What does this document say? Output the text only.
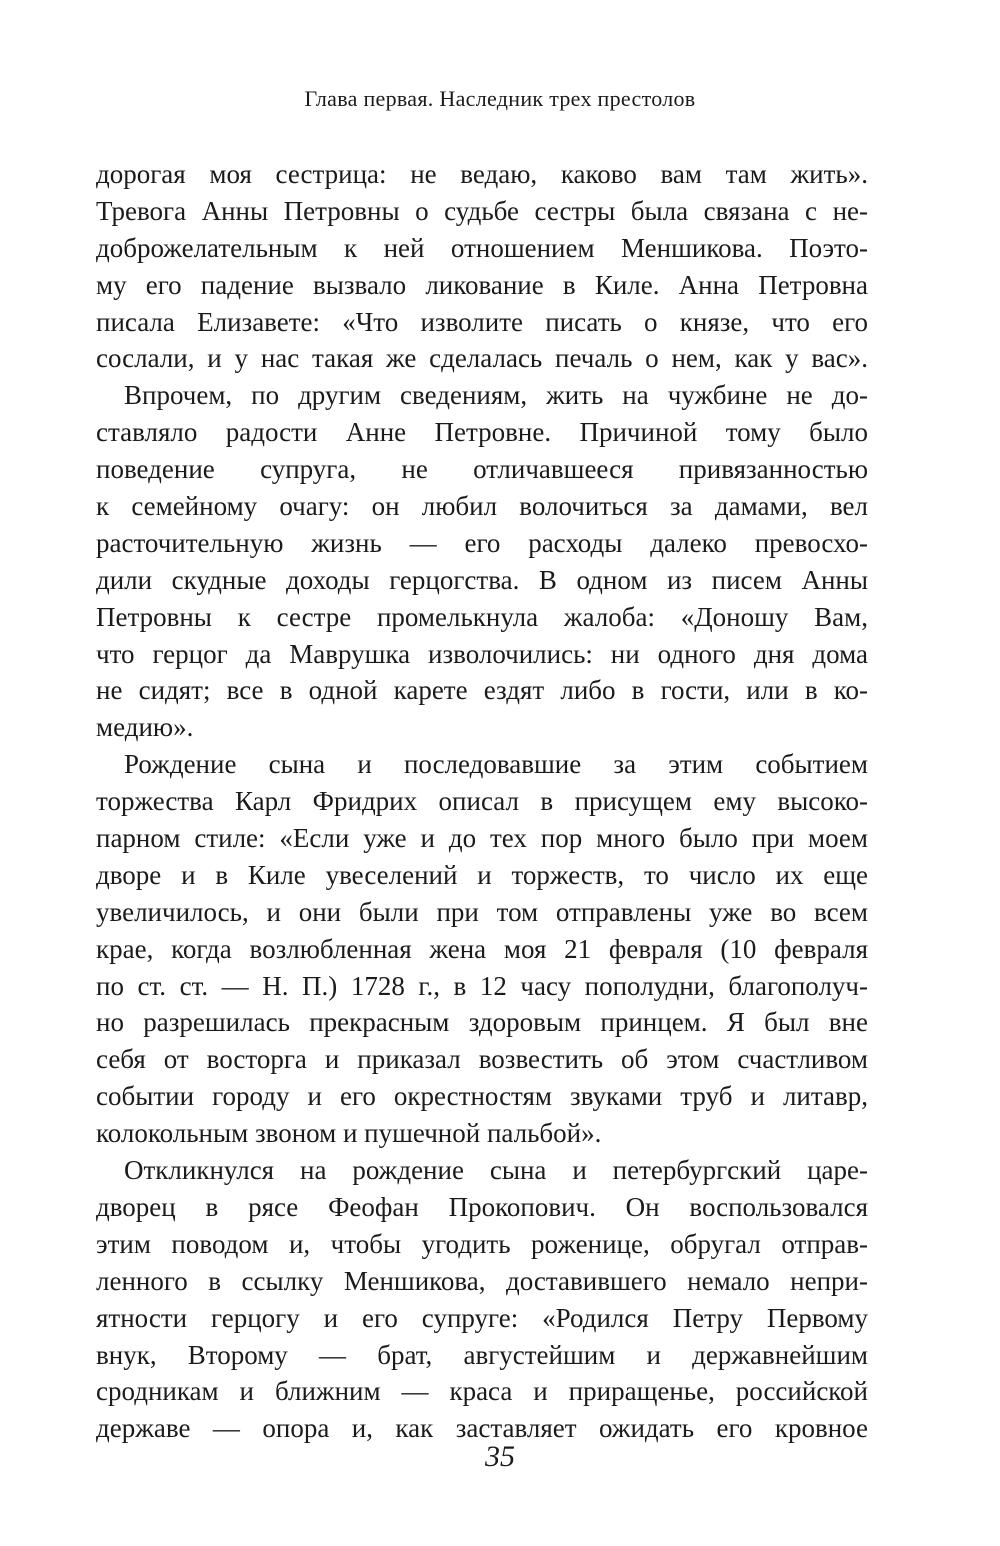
Глава первая. Наследник трех престолов
дорогая моя сестрица: не ведаю, каково вам там жить».
Тревога Анны Петровны о судьбе сестры была связана с не-
доброжелательным к ней отношением Меншикова. Поэто-
му его падение вызвало ликование в Киле. Анна Петровна
писала Елизавете: «Что изволите писать о князе, что его
сослали, и у нас такая же сделалась печаль о нем, как у вас».
Впрочем, по другим сведениям, жить на чужбине не до-
ставляло радости Анне Петровне. Причиной тому было
поведение супруга, не отличавшееся привязанностью
к семейному очагу: он любил волочиться за дамами, вел
расточительную жизнь — его расходы далеко превосхо-
дили скудные доходы герцогства. В одном из писем Анны
Петровны к сестре промелькнула жалоба: «Доношу Вам,
что герцог да Маврушка изволочились: ни одного дня дома
не сидят; все в одной карете ездят либо в гости, или в ко-
медию».
Рождение сына и последовавшие за этим событием
торжества Карл Фридрих описал в присущем ему высоко-
парном стиле: «Если уже и до тех пор много было при моем
дворе и в Киле увеселений и торжеств, то число их еще
увеличилось, и они были при том отправлены уже во всем
крае, когда возлюбленная жена моя 21 февраля (10 февраля
по ст. ст. — Н. П.) 1728 г., в 12 часу пополудни, благополуч-
но разрешилась прекрасным здоровым принцем. Я был вне
себя от восторга и приказал возвестить об этом счастливом
событии городу и его окрестностям звуками труб и литавр,
колокольным звоном и пушечной пальбой».
Откликнулся на рождение сына и петербургский царе-
дворец в рясе Феофан Прокопович. Он воспользовался
этим поводом и, чтобы угодить роженице, обругал отправ-
ленного в ссылку Меншикова, доставившего немало непри-
ятности герцогу и его супруге: «Родился Петру Первому
внук, Второму — брат, августейшим и державнейшим
сродникам и ближним — краса и приращенье, российской
державе — опора и, как заставляет ожидать его кровное
35
